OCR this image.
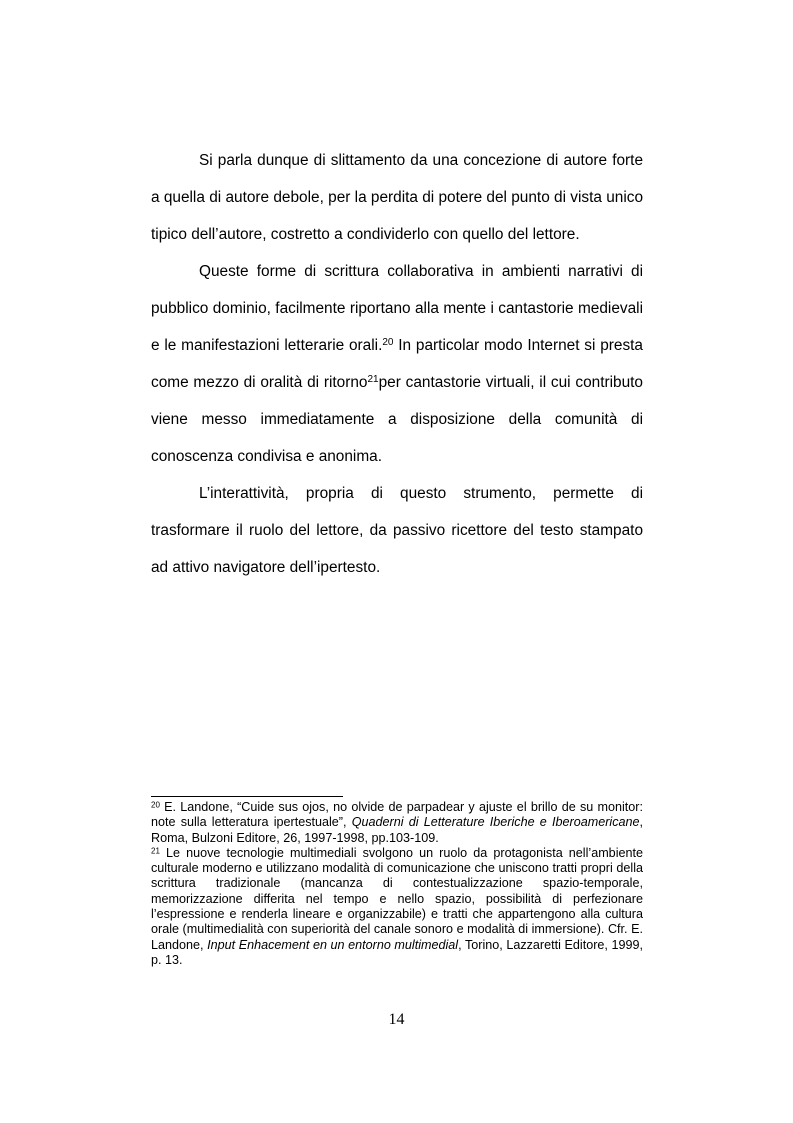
Si parla dunque di slittamento da una concezione di autore forte a quella di autore debole, per la perdita di potere del punto di vista unico tipico dell’autore, costretto a condividerlo con quello del lettore.

Queste forme di scrittura collaborativa in ambienti narrativi di pubblico dominio, facilmente riportano alla mente i cantastorie medievali e le manifestazioni letterarie orali.$^{20}$ In particolar modo Internet si presta come mezzo di oralità di ritorno$^{21}$per cantastorie virtuali, il cui contributo viene messo immediatamente a disposizione della comunità di conoscenza condivisa e anonima.

L’interattività, propria di questo strumento, permette di trasformare il ruolo del lettore, da passivo ricettore del testo stampato ad attivo navigatore dell’ipertesto.

$^{20}$ E. Landone, “Cuide sus ojos, no olvide de parpadear y ajuste el brillo de su monitor: note sulla letteratura ipertestuale”, Quaderni di Letterature Iberiche e Iberoamericane, Roma, Bulzoni Editore, 26, 1997-1998, pp.103-109.

$^{21}$ Le nuove tecnologie multimediali svolgono un ruolo da protagonista nell’ambiente culturale moderno e utilizzano modalità di comunicazione che uniscono tratti propri della scrittura tradizionale (mancanza di contestualizzazione spazio-temporale, memorizzazione differita nel tempo e nello spazio, possibilità di perfezionare l’espressione e renderla lineare e organizzabile) e tratti che appartengono alla cultura orale (multimedialità con superiorità del canale sonoro e modalità di immersione). Cfr. E. Landone, Input Enhacement en un entorno multimedial, Torino, Lazzaretti Editore, 1999, p. 13.

14
